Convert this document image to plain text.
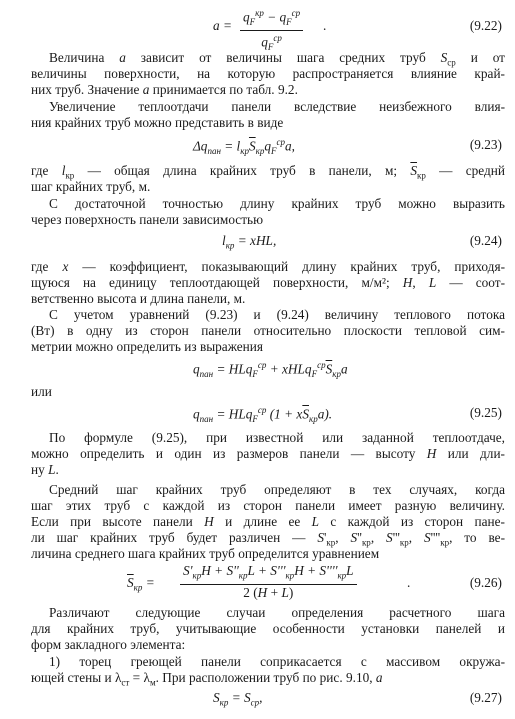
a =
$q_F^{кр} - q_F^{ср}$
$q_F^{ср}$
.	(9.22)
Величина a зависит от величины шага средних труб $S_{ср}$ и от
величины поверхности, на которую распространяется влияние край-
них труб. Значение a принимается по табл. 9.2.
Увеличение теплоотдачи панели вследствие неизбежного влия-
ния крайних труб можно представить в виде
$\Delta q_{пан} = l_{кр}\overline{S}_{кр}q_F^{ср}a$,	(9.23)
где $l_{кр}$ — общая длина крайних труб в панели, м; $\overline{S}_{кр}$ — среднй
шаг крайних труб, м.
С достаточной точностью длину крайних труб можно выразить
через поверхность панели зависимостью
$l_{кр}$ = xHL,	(9.24)
где x — коэффициент, показывающий длину крайних труб, приходя-
щуюся на единицу теплоотдающей поверхности, м/м²; H, L — соот-
ветственно высота и длина панели, м.
С учетом уравнений (9.23) и (9.24) величину теплового потока
(Вт) в одну из сторон панели относительно плоскости тепловой сим-
метрии можно определить из выражения
$q_{пан} = HLq_F^{ср}$ + $xHLq_F^{ср}\overline{S}_{кр}a$
или
$q_{пан} = HLq_F^{ср}$ $(1 + x\overline{S}_{кр}a)$.	(9.25)
По формуле (9.25), при известной или заданной теплоотдаче,
можно определить и один из размеров панели — высоту H или дли-
ну L.
Средний шаг крайних труб определяют в тех случаях, когда
шаг этих труб с каждой из сторон панели имеет разную величину.
Если при высоте панели H и длине ее L с каждой из сторон пане-
ли шаг крайних труб будет различен — $S'_{кр}$, $S''_{кр}$, $S'''_{кр}$, $S''''_{кр}$, то ве-
личина среднего шага крайних труб определится уравнением
$\overline{S}_{кр}$ =
$S'_{кр}H + S''_{кр}L + S'''_{кр}H + S''''_{кр}L$
2 (H + L)
.	(9.26)
Различают следующие случаи определения расчетного шага
для крайних труб, учитывающие особенности установки панелей и
форм закладного элемента:
1) торец греющей панели соприкасается с массивом окружа-
ющей стены и $\lambda_{ст} = \lambda_м$. При расположении труб по рис. 9.10, a
$S_{кр} = S_{ср}$,	(9.27)
